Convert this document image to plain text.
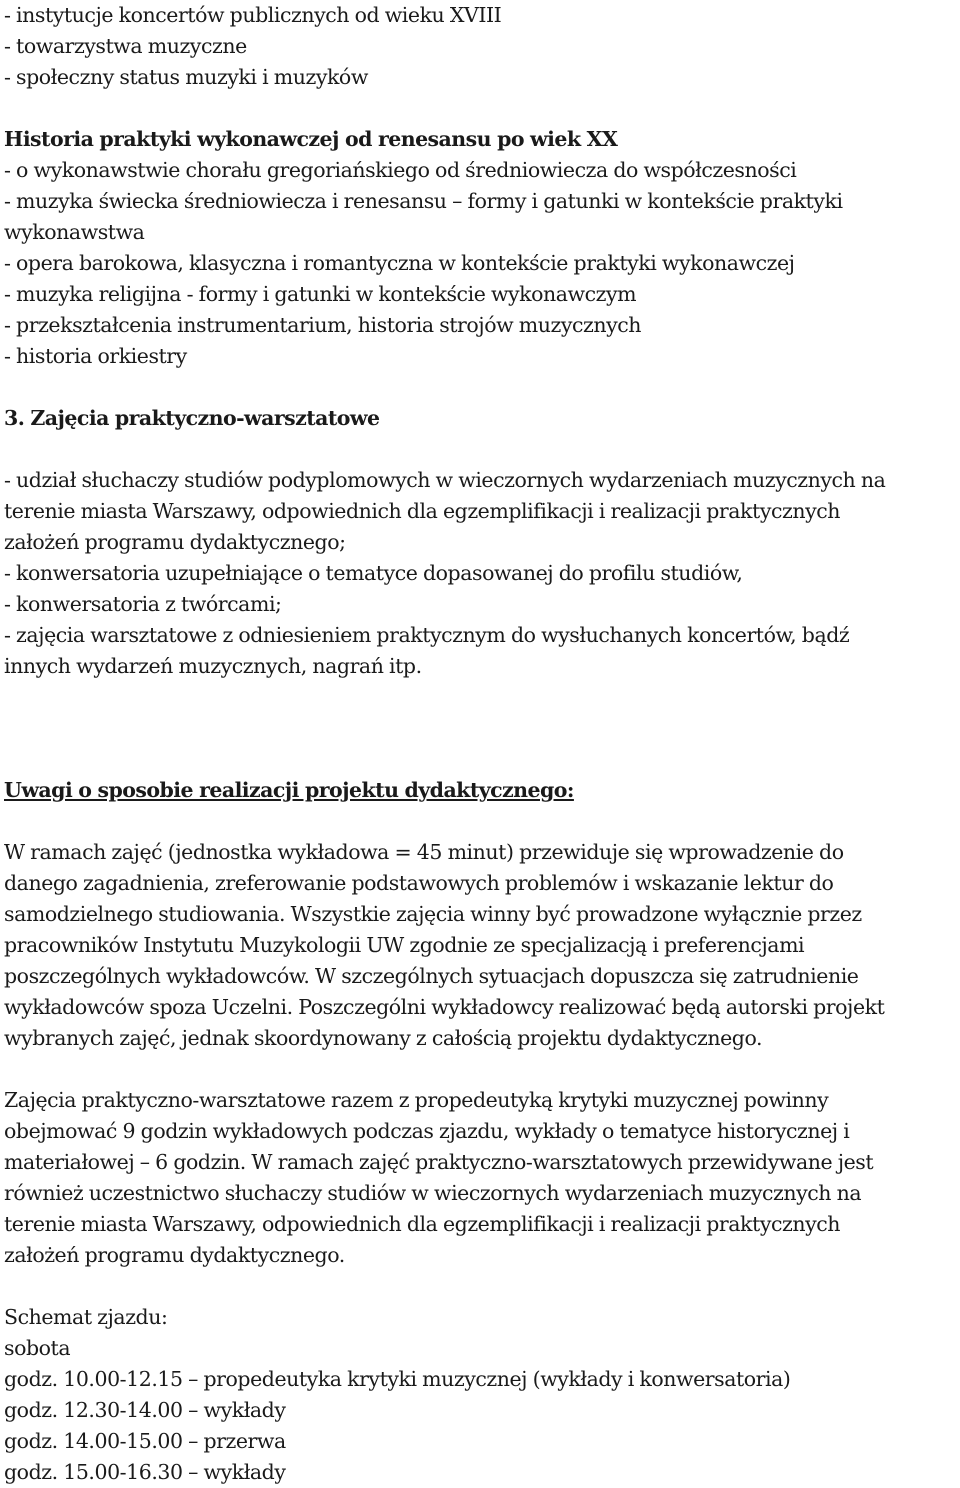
- instytucje koncertów publicznych od wieku XVIII
- towarzystwa muzyczne
- społeczny status muzyki i muzyków
Historia praktyki wykonawczej od renesansu po wiek XX
- o wykonawstwie chorału gregoriańskiego od średniowiecza do współczesności
- muzyka świecka średniowiecza i renesansu – formy i gatunki w kontekście praktyki
wykonawstwa
- opera barokowa, klasyczna i romantyczna w kontekście praktyki wykonawczej
- muzyka religijna - formy i gatunki w kontekście wykonawczym
- przekształcenia instrumentarium, historia strojów muzycznych
- historia orkiestry
3. Zajęcia praktyczno-warsztatowe
- udział słuchaczy studiów podyplomowych w wieczornych wydarzeniach muzycznych na
terenie miasta Warszawy, odpowiednich dla egzemplifikacji i realizacji praktycznych
założeń programu dydaktycznego;
- konwersatoria uzupełniające o tematyce dopasowanej do profilu studiów,
- konwersatoria z twórcami;
- zajęcia warsztatowe z odniesieniem praktycznym do wysłuchanych koncertów, bądź
innych wydarzeń muzycznych, nagrań itp.
Uwagi o sposobie realizacji projektu dydaktycznego:
W ramach zajęć (jednostka wykładowa = 45 minut) przewiduje się wprowadzenie do
danego zagadnienia, zreferowanie podstawowych problemów i wskazanie lektur do
samodzielnego studiowania. Wszystkie zajęcia winny być prowadzone wyłącznie przez
pracowników Instytutu Muzykologii UW zgodnie ze specjalizacją i preferencjami
poszczególnych wykładowców. W szczególnych sytuacjach dopuszcza się zatrudnienie
wykładowców spoza Uczelni. Poszczególni wykładowcy realizować będą autorski projekt
wybranych zajęć, jednak skoordynowany z całością projektu dydaktycznego.
Zajęcia praktyczno-warsztatowe razem z propedeutyką krytyki muzycznej powinny
obejmować 9 godzin wykładowych podczas zjazdu, wykłady o tematyce historycznej i
materiałowej – 6 godzin. W ramach zajęć praktyczno-warsztatowych przewidywane jest
również uczestnictwo słuchaczy studiów w wieczornych wydarzeniach muzycznych na
terenie miasta Warszawy, odpowiednich dla egzemplifikacji i realizacji praktycznych
założeń programu dydaktycznego.
Schemat zjazdu:
sobota
godz. 10.00-12.15 – propedeutyka krytyki muzycznej (wykłady i konwersatoria)
godz. 12.30-14.00 – wykłady
godz. 14.00-15.00 – przerwa
godz. 15.00-16.30 – wykłady
